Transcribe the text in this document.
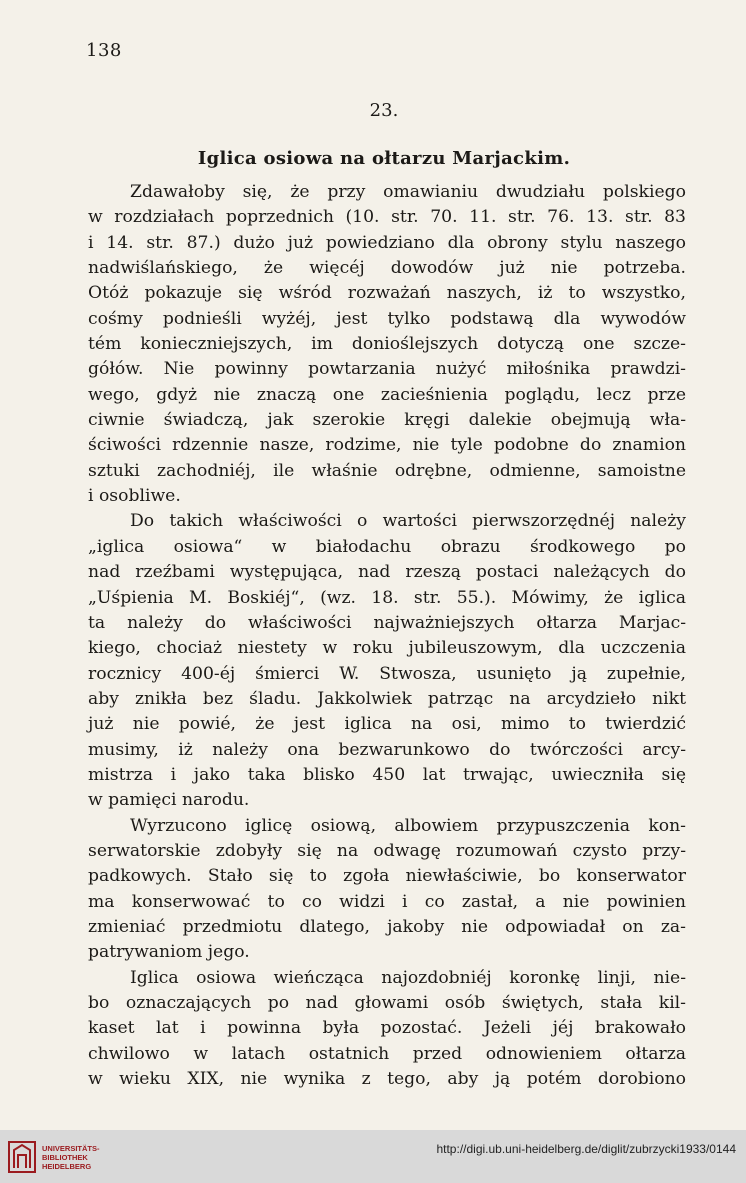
138
23.
Iglica osiowa na ołtarzu Marjackim.
Zdawałoby się, że przy omawianiu dwudziału polskiego
w rozdziałach poprzednich (10. str. 70. 11. str. 76. 13. str. 83
i 14. str. 87.) dużo już powiedziano dla obrony stylu naszego
nadwiślańskiego, że więcéj dowodów już nie potrzeba.
Otóż pokazuje się wśród rozważań naszych, iż to wszystko,
cośmy podnieśli wyżéj, jest tylko podstawą dla wywodów
tém konieczniejszych, im donioślejszych dotyczą one szcze-
gółów. Nie powinny powtarzania nużyć miłośnika prawdzi-
wego, gdyż nie znaczą one zacieśnienia poglądu, lecz prze
ciwnie świadczą, jak szerokie kręgi dalekie obejmują wła-
ściwości rdzennie nasze, rodzime, nie tyle podobne do znamion
sztuki zachodniéj, ile właśnie odrębne, odmienne, samoistne
i osobliwe.
Do takich właściwości o wartości pierwszorzędnéj należy
„iglica osiowa“ w białodachu obrazu środkowego po
nad rzeźbami występująca, nad rzeszą postaci należących do
„Uśpienia M. Boskiéj“, (wz. 18. str. 55.). Mówimy, że iglica
ta należy do właściwości najważniejszych ołtarza Marjac-
kiego, chociaż niestety w roku jubileuszowym, dla uczczenia
rocznicy 400-éj śmierci W. Stwosza, usunięto ją zupełnie,
aby znikła bez śladu. Jakkolwiek patrząc na arcydzieło nikt
już nie powié, że jest iglica na osi, mimo to twierdzić
musimy, iż należy ona bezwarunkowo do twórczości arcy-
mistrza i jako taka blisko 450 lat trwając, uwieczniła się
w pamięci narodu.
Wyrzucono iglicę osiową, albowiem przypuszczenia kon-
serwatorskie zdobyły się na odwagę rozumowań czysto przy-
padkowych. Stało się to zgoła niewłaściwie, bo konserwator
ma konserwować to co widzi i co zastał, a nie powinien
zmieniać przedmiotu dlatego, jakoby nie odpowiadał on za-
patrywaniom jego.
Iglica osiowa wieńcząca najozdobniéj koronkę linji, nie-
bo oznaczających po nad głowami osób świętych, stała kil-
kaset lat i powinna była pozostać. Jeżeli jéj brakowało
chwilowo w latach ostatnich przed odnowieniem ołtarza
w wieku XIX, nie wynika z tego, aby ją potém dorobiono
UNIVERSITÄTS-
BIBLIOTHEK
HEIDELBERG
http://digi.ub.uni-heidelberg.de/diglit/zubrzycki1933/0144
